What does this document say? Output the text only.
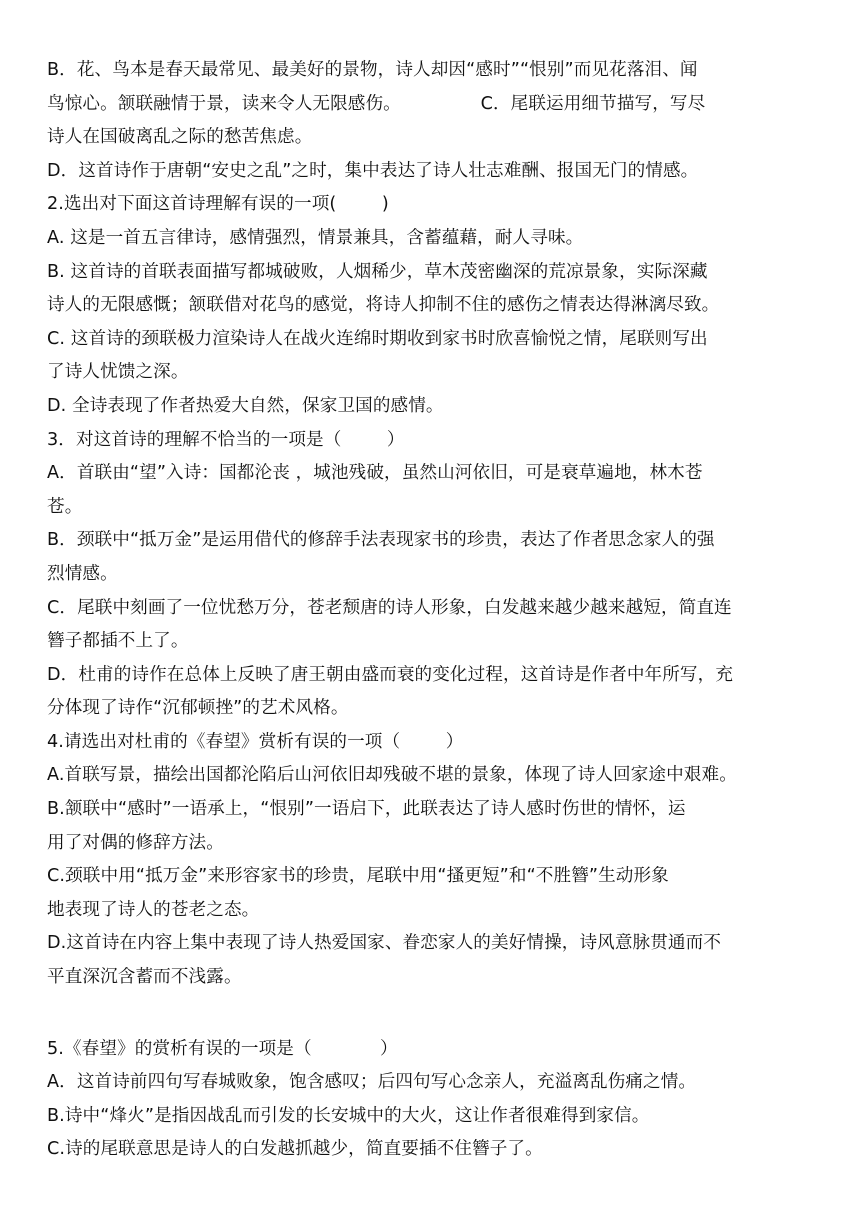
B．花、鸟本是春天最常见、最美好的景物，诗人却因“感时”“恨别”而见花落泪、闻
鸟惊心。颔联融情于景，读来令人无限感伤。              C．尾联运用细节描写，写尽
诗人在国破离乱之际的愁苦焦虑。
D．这首诗作于唐朝“安史之乱”之时，集中表达了诗人壮志难酬、报国无门的情感。
2.选出对下面这首诗理解有误的一项(        )
A. 这是一首五言律诗，感情强烈，情景兼具，含蓄蕴藉，耐人寻味。
B. 这首诗的首联表面描写都城破败，人烟稀少，草木茂密幽深的荒凉景象，实际深藏
诗人的无限感慨；颔联借对花鸟的感觉，将诗人抑制不住的感伤之情表达得淋漓尽致。
C. 这首诗的颈联极力渲染诗人在战火连绵时期收到家书时欣喜愉悦之情，尾联则写出
了诗人忧馈之深。
D. 全诗表现了作者热爱大自然，保家卫国的感情。
3．对这首诗的理解不恰当的一项是（        ）
A．首联由“望”入诗：国都沦丧 ，城池残破，虽然山河依旧，可是衰草遍地，林木苍
苍。
B．颈联中“抵万金”是运用借代的修辞手法表现家书的珍贵，表达了作者思念家人的强
烈情感。
C．尾联中刻画了一位忧愁万分，苍老颓唐的诗人形象，白发越来越少越来越短，简直连
簪子都插不上了。
D．杜甫的诗作在总体上反映了唐王朝由盛而衰的变化过程，这首诗是作者中年所写，充
分体现了诗作“沉郁顿挫”的艺术风格。
4.请选出对杜甫的《春望》赏析有误的一项（        ）
A.首联写景，描绘出国都沦陷后山河依旧却残破不堪的景象，体现了诗人回家途中艰难。
B.颔联中“感时”一语承上，“恨别”一语启下，此联表达了诗人感时伤世的情怀，运
用了对偶的修辞方法。
C.颈联中用“抵万金”来形容家书的珍贵，尾联中用“搔更短”和“不胜簪”生动形象
地表现了诗人的苍老之态。
D.这首诗在内容上集中表现了诗人热爱国家、眷恋家人的美好情操，诗风意脉贯通而不
平直深沉含蓄而不浅露。
5.《春望》的赏析有误的一项是（            ）
A．这首诗前四句写春城败象，饱含感叹；后四句写心念亲人，充溢离乱伤痛之情。
B.诗中“烽火”是指因战乱而引发的长安城中的大火，这让作者很难得到家信。
C.诗的尾联意思是诗人的白发越抓越少，简直要插不住簪子了。
